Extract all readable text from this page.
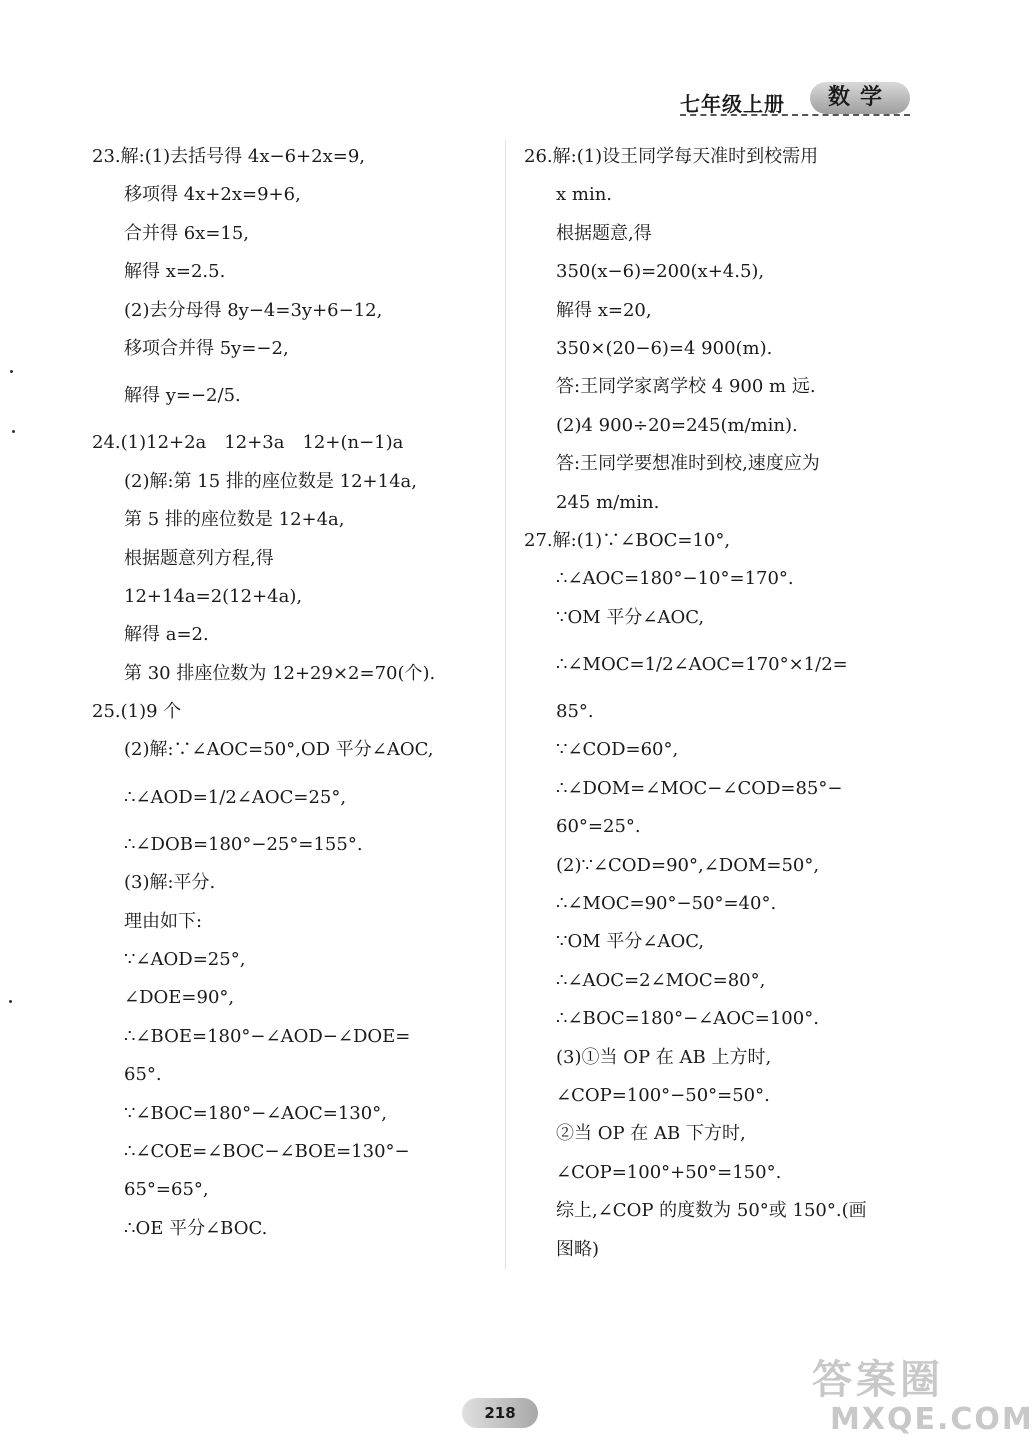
七年级上册	数学
23.解:(1)去括号得 4x−6+2x=9,
移项得 4x+2x=9+6,
合并得 6x=15,
解得 x=2.5.
(2)去分母得 8y−4=3y+6−12,
移项合并得 5y=−2,
解得 y=−2/5.
24.(1)12+2a　12+3a　12+(n−1)a
(2)解:第 15 排的座位数是 12+14a,
第 5 排的座位数是 12+4a,
根据题意列方程,得
12+14a=2(12+4a),
解得 a=2.
第 30 排座位数为 12+29×2=70(个).
25.(1)9 个
(2)解:∵∠AOC=50°,OD 平分∠AOC,
∴∠AOD=1/2∠AOC=25°,
∴∠DOB=180°−25°=155°.
(3)解:平分.
理由如下:
∵∠AOD=25°,
∠DOE=90°,
∴∠BOE=180°−∠AOD−∠DOE=
65°.
∵∠BOC=180°−∠AOC=130°,
∴∠COE=∠BOC−∠BOE=130°−
65°=65°,
∴OE 平分∠BOC.
26.解:(1)设王同学每天准时到校需用
x min.
根据题意,得
350(x−6)=200(x+4.5),
解得 x=20,
350×(20−6)=4 900(m).
答:王同学家离学校 4 900 m 远.
(2)4 900÷20=245(m/min).
答:王同学要想准时到校,速度应为
245 m/min.
27.解:(1)∵∠BOC=10°,
∴∠AOC=180°−10°=170°.
∵OM 平分∠AOC,
∴∠MOC=1/2∠AOC=170°×1/2=
85°.
∵∠COD=60°,
∴∠DOM=∠MOC−∠COD=85°−
60°=25°.
(2)∵∠COD=90°,∠DOM=50°,
∴∠MOC=90°−50°=40°.
∵OM 平分∠AOC,
∴∠AOC=2∠MOC=80°,
∴∠BOC=180°−∠AOC=100°.
(3)①当 OP 在 AB 上方时,
∠COP=100°−50°=50°.
②当 OP 在 AB 下方时,
∠COP=100°+50°=150°.
综上,∠COP 的度数为 50°或 150°.(画
图略)
218
答案圈
MXQE.COM
